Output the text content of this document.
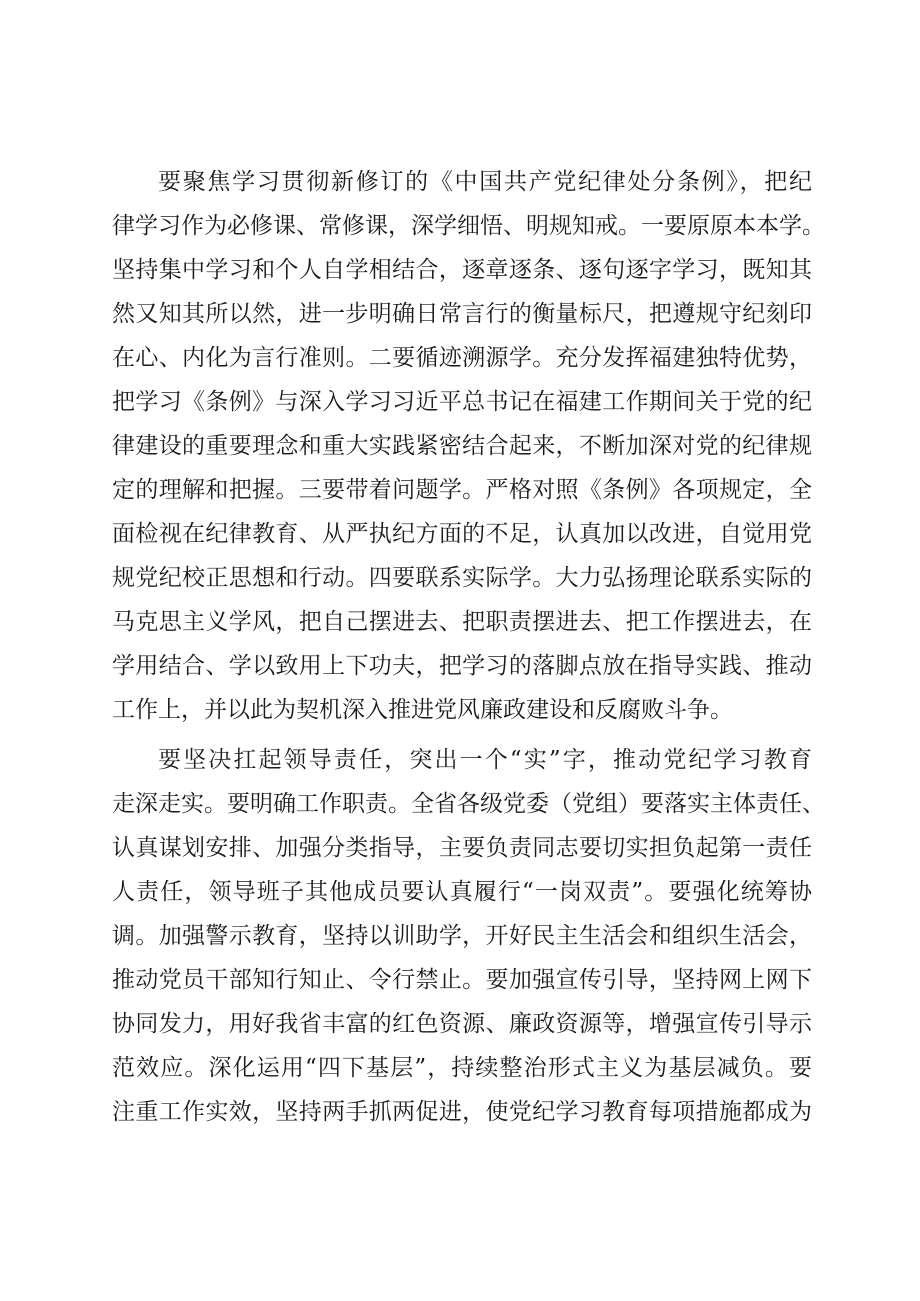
要聚焦学习贯彻新修订的《中国共产党纪律处分条例》，把纪
律学习作为必修课、常修课，深学细悟、明规知戒。一要原原本本学。
坚持集中学习和个人自学相结合，逐章逐条、逐句逐字学习，既知其
然又知其所以然，进一步明确日常言行的衡量标尺，把遵规守纪刻印
在心、内化为言行准则。二要循迹溯源学。充分发挥福建独特优势，
把学习《条例》与深入学习习近平总书记在福建工作期间关于党的纪
律建设的重要理念和重大实践紧密结合起来，不断加深对党的纪律规
定的理解和把握。三要带着问题学。严格对照《条例》各项规定，全
面检视在纪律教育、从严执纪方面的不足，认真加以改进，自觉用党
规党纪校正思想和行动。四要联系实际学。大力弘扬理论联系实际的
马克思主义学风，把自己摆进去、把职责摆进去、把工作摆进去，在
学用结合、学以致用上下功夫，把学习的落脚点放在指导实践、推动
工作上，并以此为契机深入推进党风廉政建设和反腐败斗争。
要坚决扛起领导责任，突出一个“实”字，推动党纪学习教育
走深走实。要明确工作职责。全省各级党委（党组）要落实主体责任、
认真谋划安排、加强分类指导，主要负责同志要切实担负起第一责任
人责任，领导班子其他成员要认真履行“一岗双责”。要强化统筹协
调。加强警示教育，坚持以训助学，开好民主生活会和组织生活会，
推动党员干部知行知止、令行禁止。要加强宣传引导，坚持网上网下
协同发力，用好我省丰富的红色资源、廉政资源等，增强宣传引导示
范效应。深化运用“四下基层”，持续整治形式主义为基层减负。要
注重工作实效，坚持两手抓两促进，使党纪学习教育每项措施都成为
